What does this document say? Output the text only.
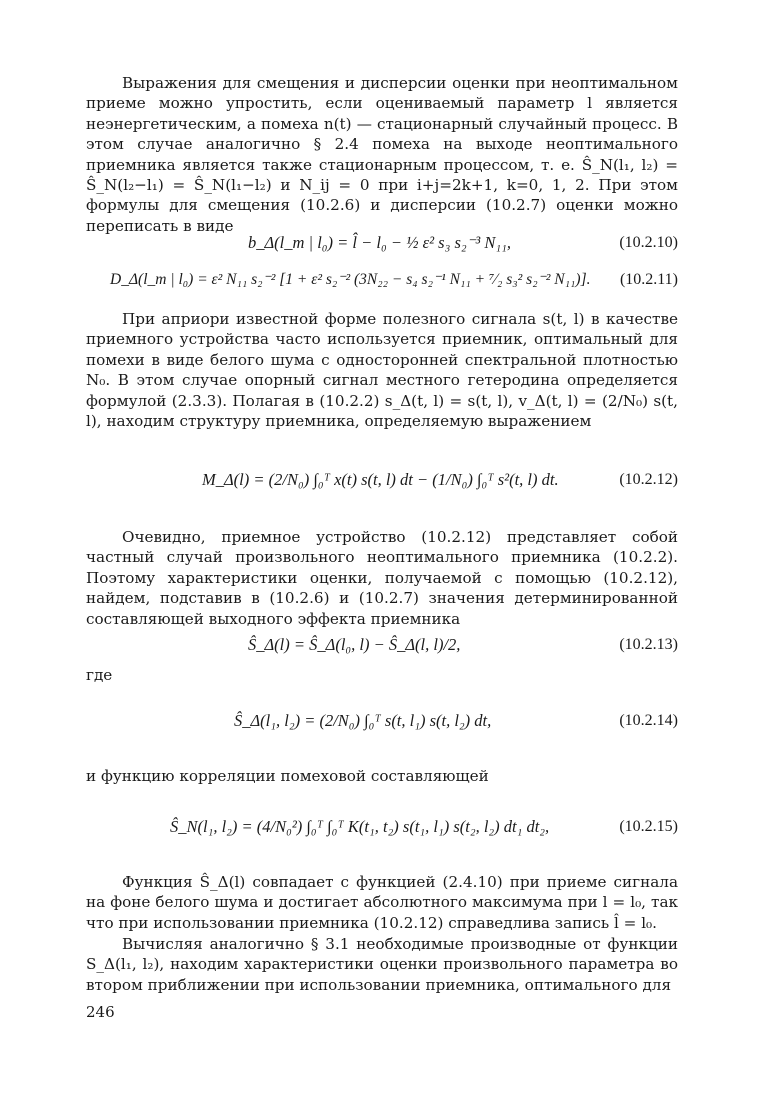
Выражения для смещения и дисперсии оценки при неоптимальном приеме можно упростить, если оцениваемый параметр l является неэнергетическим, а помеха n(t) — стационарный случайный процесс. В этом случае аналогично § 2.4 помеха на выходе неоптимального приемника является также стационарным процессом, т. е. Ŝ_N(l₁, l₂) = Ŝ_N(l₂−l₁) = Ŝ_N(l₁−l₂) и N_ij = 0 при i+j=2k+1, k=0, 1, 2. При этом формулы для смещения (10.2.6) и дисперсии (10.2.7) оценки можно переписать в виде

b_Δ(l_m | l₀) = l̂ − l₀ − ½ ε² s₃ s₂⁻³ N₁₁,	(10.2.10)
D_Δ(l_m | l₀) = ε² N₁₁ s₂⁻² [1 + ε² s₂⁻² (3N₂₂ − s₄ s₂⁻¹ N₁₁ + ⁷⁄₂ s₃² s₂⁻² N₁₁)]. (10.2.11)

При априори известной форме полезного сигнала s(t, l) в качестве приемного устройства часто используется приемник, оптимальный для помехи в виде белого шума с односторонней спектральной плотностью N₀. В этом случае опорный сигнал местного гетеродина определяется формулой (2.3.3). Полагая в (10.2.2) s_Δ(t, l) = s(t, l), v_Δ(t, l) = (2/N₀) s(t, l), находим структуру приемника, определяемую выражением

M_Δ(l) = (2/N₀) ∫₀ᵀ x(t) s(t, l) dt − (1/N₀) ∫₀ᵀ s²(t, l) dt.	(10.2.12)

Очевидно, приемное устройство (10.2.12) представляет собой частный случай произвольного неоптимального приемника (10.2.2). Поэтому характеристики оценки, получаемой с помощью (10.2.12), найдем, подставив в (10.2.6) и (10.2.7) значения детерминированной составляющей выходного эффекта приемника

Ŝ_Δ(l) = Ŝ_Δ(l₀, l) − Ŝ_Δ(l, l)/2,	(10.2.13)
где
Ŝ_Δ(l₁, l₂) = (2/N₀) ∫₀ᵀ s(t, l₁) s(t, l₂) dt,	(10.2.14)
и функцию корреляции помеховой составляющей
Ŝ_N(l₁, l₂) = (4/N₀²) ∫₀ᵀ ∫₀ᵀ K(t₁, t₂) s(t₁, l₁) s(t₂, l₂) dt₁ dt₂,	(10.2.15)

Функция Ŝ_Δ(l) совпадает с функцией (2.4.10) при приеме сигнала на фоне белого шума и достигает абсолютного максимума при l = l₀, так что при использовании приемника (10.2.12) справедлива запись l̂ = l₀.

Вычисляя аналогично § 3.1 необходимые производные от функции S_Δ(l₁, l₂), находим характеристики оценки произвольного параметра во втором приближении при использовании приемника, оптимального для

246
